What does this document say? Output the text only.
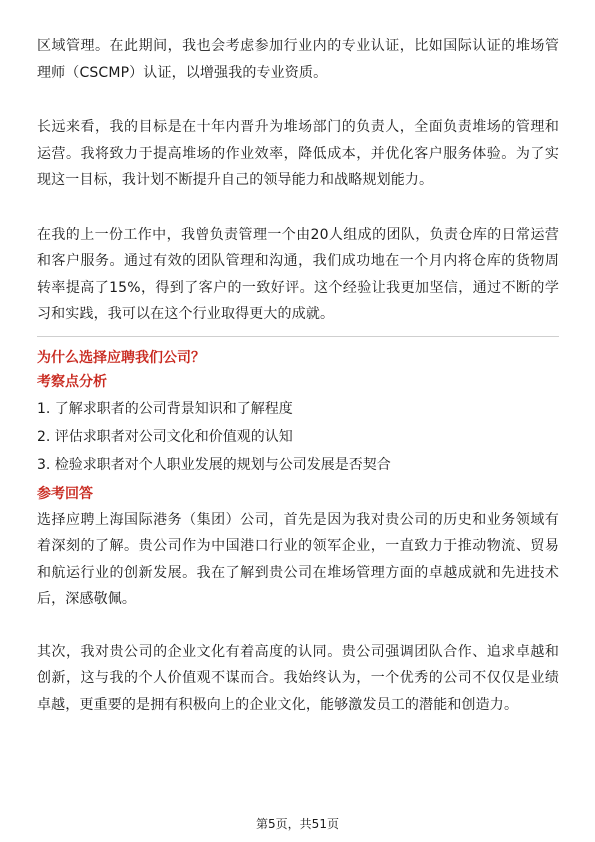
区域管理。在此期间，我也会考虑参加行业内的专业认证，比如国际认证的堆场管理师（CSCMP）认证，以增强我的专业资质。

长远来看，我的目标是在十年内晋升为堆场部门的负责人，全面负责堆场的管理和运营。我将致力于提高堆场的作业效率，降低成本，并优化客户服务体验。为了实现这一目标，我计划不断提升自己的领导能力和战略规划能力。

在我的上一份工作中，我曾负责管理一个由20人组成的团队，负责仓库的日常运营和客户服务。通过有效的团队管理和沟通，我们成功地在一个月内将仓库的货物周转率提高了15%，得到了客户的一致好评。这个经验让我更加坚信，通过不断的学习和实践，我可以在这个行业取得更大的成就。

为什么选择应聘我们公司？
考察点分析
1. 了解求职者的公司背景知识和了解程度
2. 评估求职者对公司文化和价值观的认知
3. 检验求职者对个人职业发展的规划与公司发展是否契合
参考回答

选择应聘上海国际港务（集团）公司，首先是因为我对贵公司的历史和业务领域有着深刻的了解。贵公司作为中国港口行业的领军企业，一直致力于推动物流、贸易和航运行业的创新发展。我在了解到贵公司在堆场管理方面的卓越成就和先进技术后，深感敬佩。

其次，我对贵公司的企业文化有着高度的认同。贵公司强调团队合作、追求卓越和创新，这与我的个人价值观不谋而合。我始终认为，一个优秀的公司不仅仅是业绩卓越，更重要的是拥有积极向上的企业文化，能够激发员工的潜能和创造力。

第5页，共51页
